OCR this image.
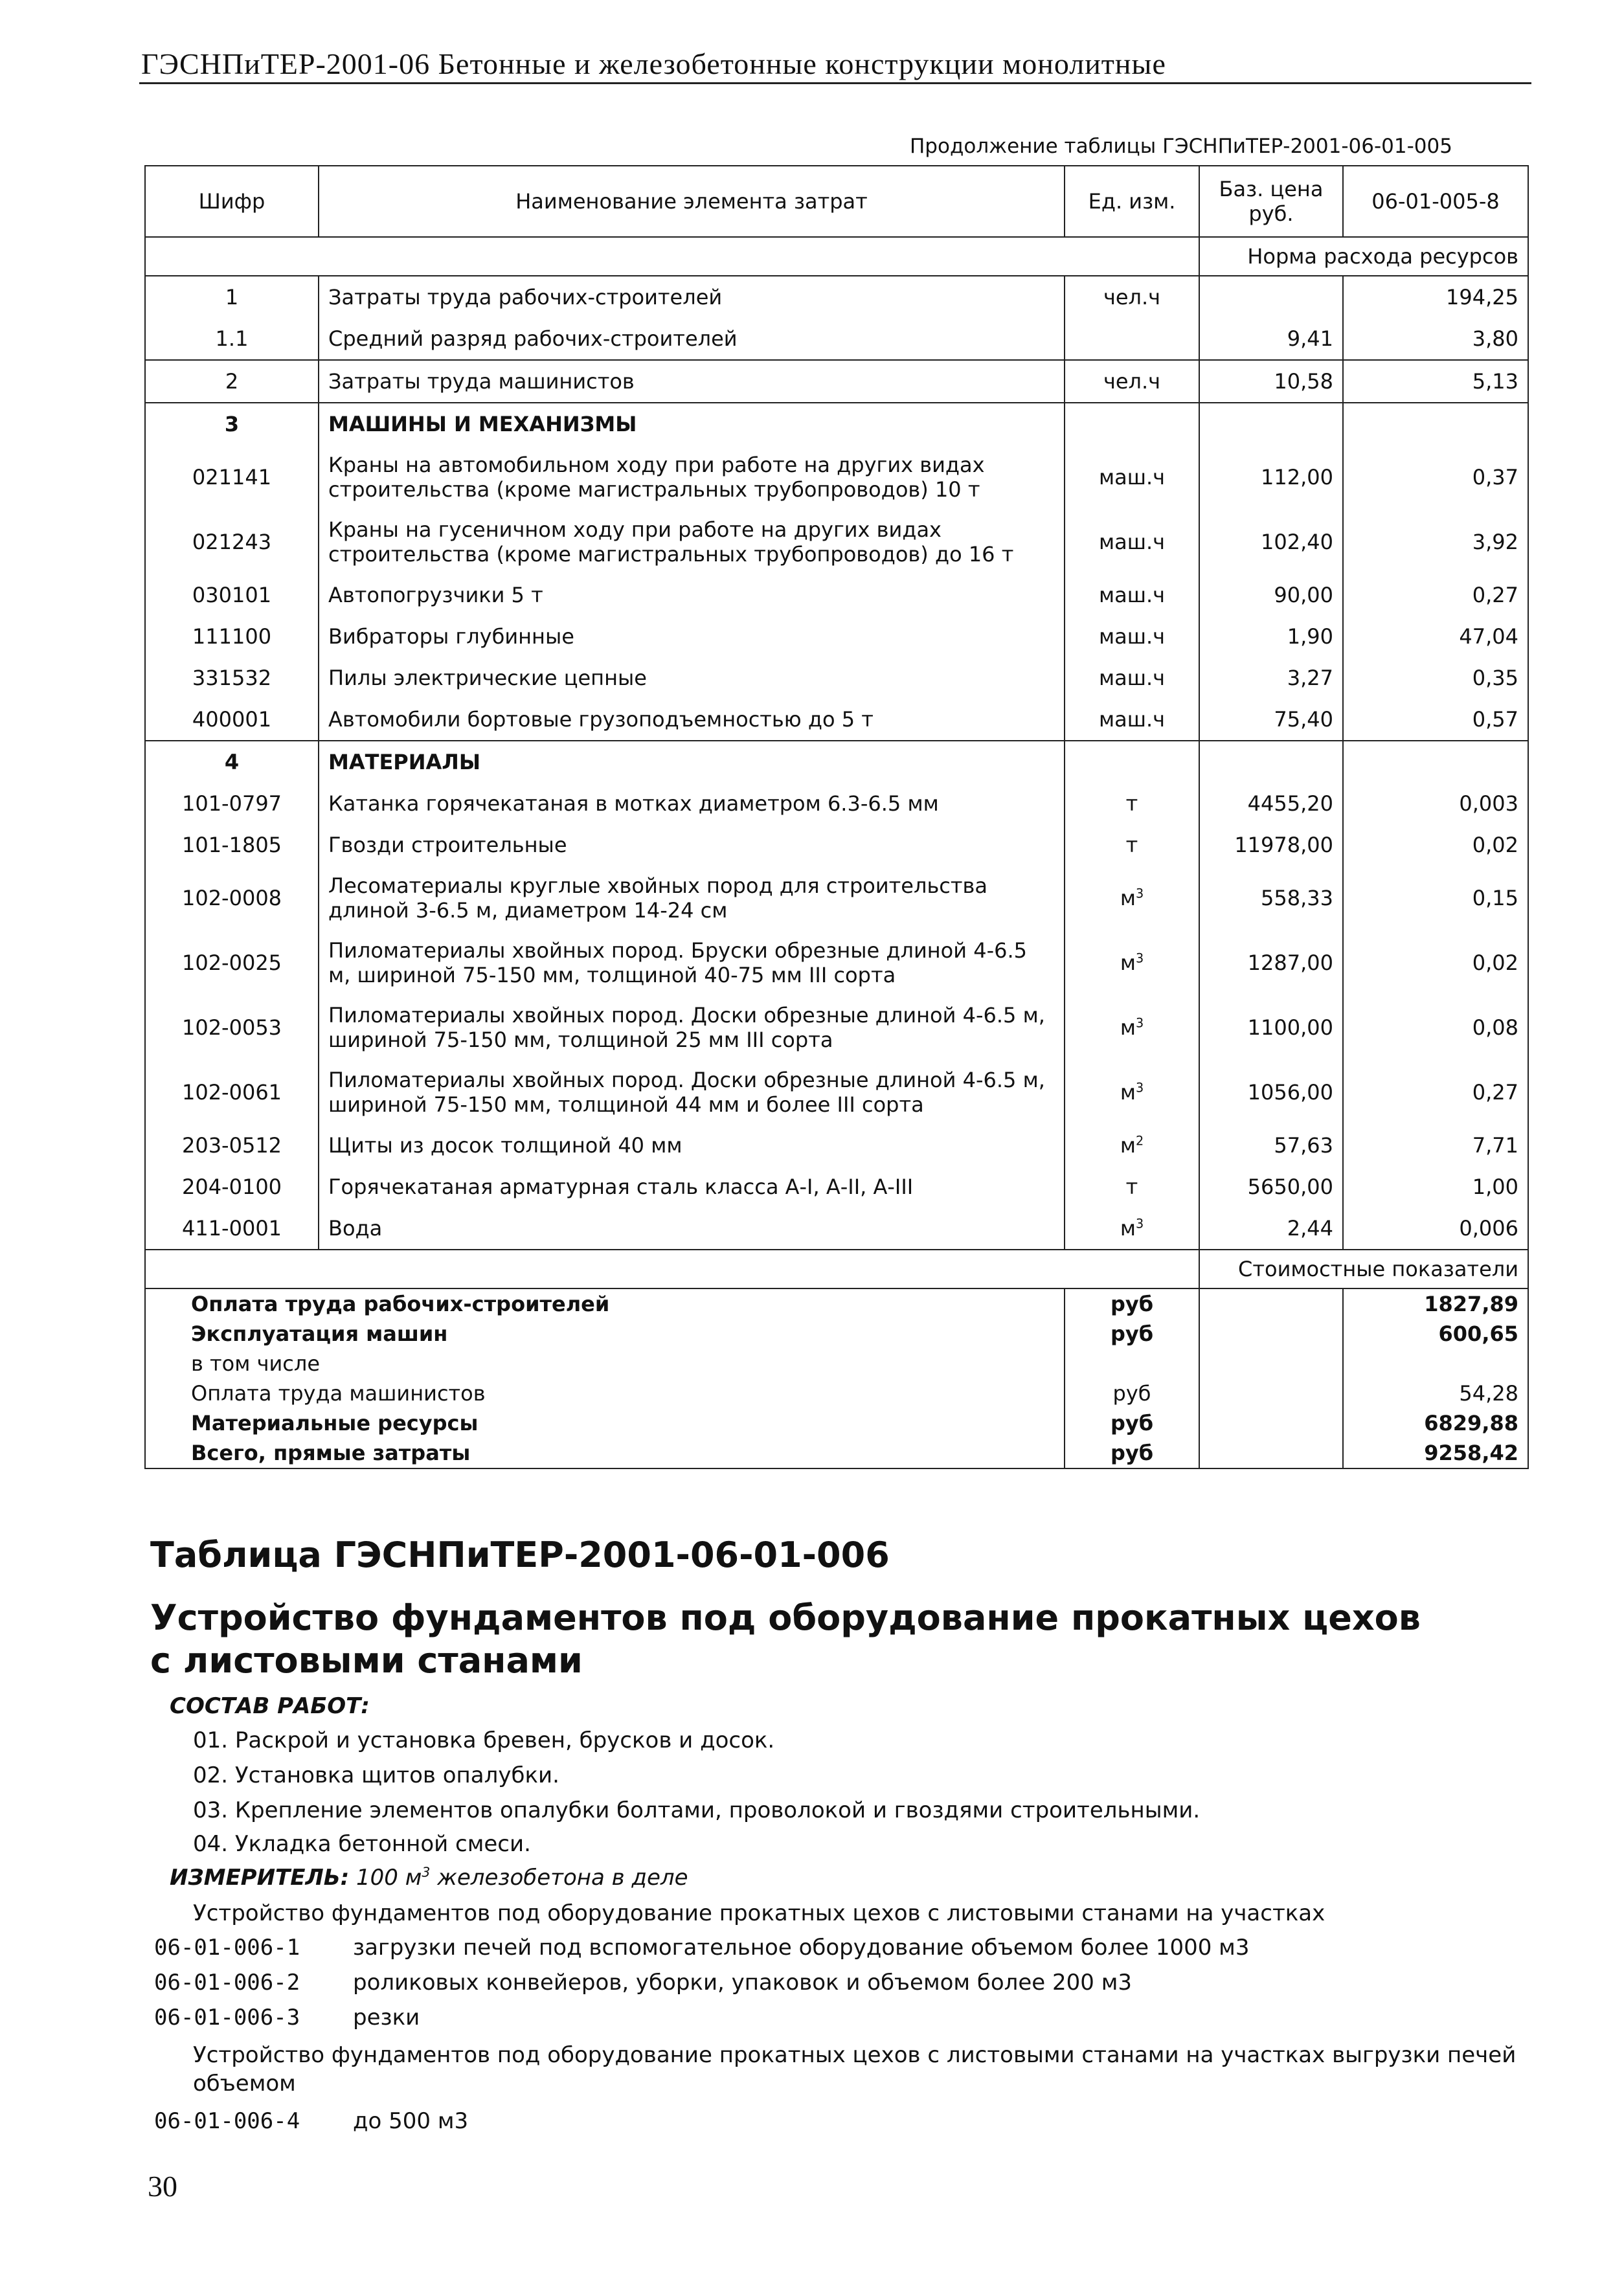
ГЭСНПиТЕР-2001-06 Бетонные и железобетонные конструкции монолитные
Продолжение таблицы ГЭСНПиТЕР-2001-06-01-005
Шифр	Наименование элемента затрат	Ед. изм.	Баз. цена руб.	06-01-005-8
			Норма расхода ресурсов	
1	Затраты труда рабочих-строителей	чел.ч		194,25
1.1	Средний разряд рабочих-строителей		9,41	3,80
2	Затраты труда машинистов	чел.ч	10,58	5,13
3	МАШИНЫ И МЕХАНИЗМЫ			
021141	Краны на автомобильном ходу при работе на других видах строительства (кроме магистральных трубопроводов) 10 т	маш.ч	112,00	0,37
021243	Краны на гусеничном ходу при работе на других видах строительства (кроме магистральных трубопроводов) до 16 т	маш.ч	102,40	3,92
030101	Автопогрузчики 5 т	маш.ч	90,00	0,27
111100	Вибраторы глубинные	маш.ч	1,90	47,04
331532	Пилы электрические цепные	маш.ч	3,27	0,35
400001	Автомобили бортовые грузоподъемностью до 5 т	маш.ч	75,40	0,57
4	МАТЕРИАЛЫ			
101-0797	Катанка горячекатаная в мотках диаметром 6.3-6.5 мм	т	4455,20	0,003
101-1805	Гвозди строительные	т	11978,00	0,02
102-0008	Лесоматериалы круглые хвойных пород для строительства длиной 3-6.5 м, диаметром 14-24 см	$м^3$	558,33	0,15
102-0025	Пиломатериалы хвойных пород. Бруски обрезные длиной 4-6.5 м, шириной 75-150 мм, толщиной 40-75 мм III сорта	$м^3$	1287,00	0,02
102-0053	Пиломатериалы хвойных пород. Доски обрезные длиной 4-6.5 м, шириной 75-150 мм, толщиной 25 мм III сорта	$м^3$	1100,00	0,08
102-0061	Пиломатериалы хвойных пород. Доски обрезные длиной 4-6.5 м, шириной 75-150 мм, толщиной 44 мм и более III сорта	$м^3$	1056,00	0,27
203-0512	Щиты из досок толщиной 40 мм	$м^2$	57,63	7,71
204-0100	Горячекатаная арматурная сталь класса А-I, А-II, А-III	т	5650,00	1,00
411-0001	Вода	$м^3$	2,44	0,006
			Стоимостные показатели	
Оплата труда рабочих-строителей		руб		1827,89
Эксплуатация машин		руб		600,65
в том числе				
Оплата труда машинистов		руб		54,28
Материальные ресурсы		руб		6829,88
Всего, прямые затраты		руб		9258,42
Таблица ГЭСНПиТЕР-2001-06-01-006
Устройство фундаментов под оборудование прокатных цехов с листовыми станами
СОСТАВ РАБОТ:
01. Раскрой и установка бревен, брусков и досок.
02. Установка щитов опалубки.
03. Крепление элементов опалубки болтами, проволокой и гвоздями строительными.
04. Укладка бетонной смеси.
ИЗМЕРИТЕЛЬ: 100 $м^3$ железобетона в деле
Устройство фундаментов под оборудование прокатных цехов с листовыми станами на участках
06-01-006-1 загрузки печей под вспомогательное оборудование объемом более 1000 м3
06-01-006-2 роликовых конвейеров, уборки, упаковок и объемом более 200 м3
06-01-006-3 резки
Устройство фундаментов под оборудование прокатных цехов с листовыми станами на участках выгрузки печей
объемом
06-01-006-4 до 500 м3
30
